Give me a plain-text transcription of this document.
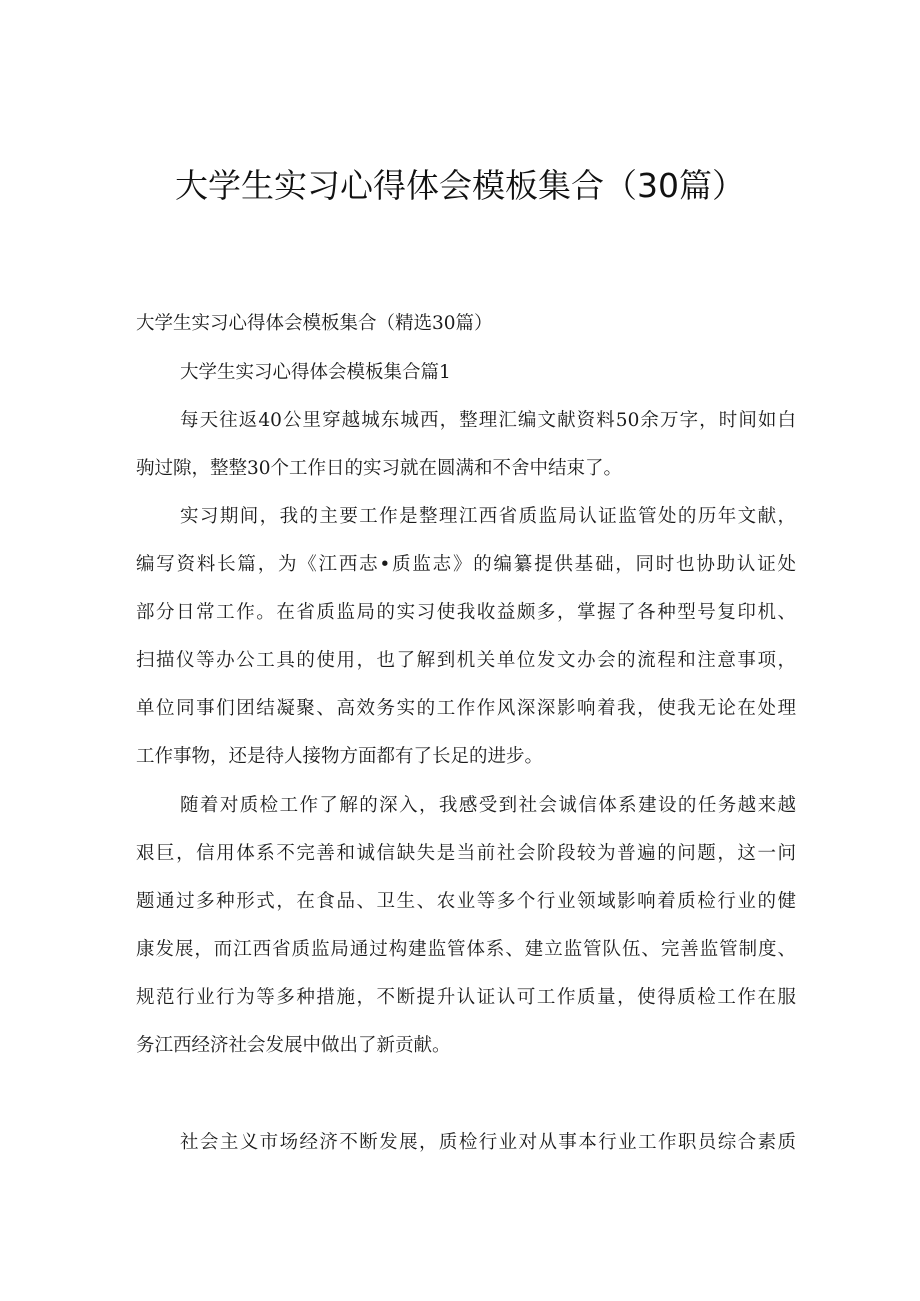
大学生实习心得体会模板集合（30篇）
大学生实习心得体会模板集合（精选30篇）
大学生实习心得体会模板集合篇1
每天往返40公里穿越城东城西，整理汇编文献资料50余万字，时间如白
驹过隙，整整30个工作日的实习就在圆满和不舍中结束了。
实习期间，我的主要工作是整理江西省质监局认证监管处的历年文献，
编写资料长篇，为《江西志•质监志》的编纂提供基础，同时也协助认证处
部分日常工作。在省质监局的实习使我收益颇多，掌握了各种型号复印机、
扫描仪等办公工具的使用，也了解到机关单位发文办会的流程和注意事项，
单位同事们团结凝聚、高效务实的工作作风深深影响着我，使我无论在处理
工作事物，还是待人接物方面都有了长足的进步。
随着对质检工作了解的深入，我感受到社会诚信体系建设的任务越来越
艰巨，信用体系不完善和诚信缺失是当前社会阶段较为普遍的问题，这一问
题通过多种形式，在食品、卫生、农业等多个行业领域影响着质检行业的健
康发展，而江西省质监局通过构建监管体系、建立监管队伍、完善监管制度、
规范行业行为等多种措施，不断提升认证认可工作质量，使得质检工作在服
务江西经济社会发展中做出了新贡献。
社会主义市场经济不断发展，质检行业对从事本行业工作职员综合素质
